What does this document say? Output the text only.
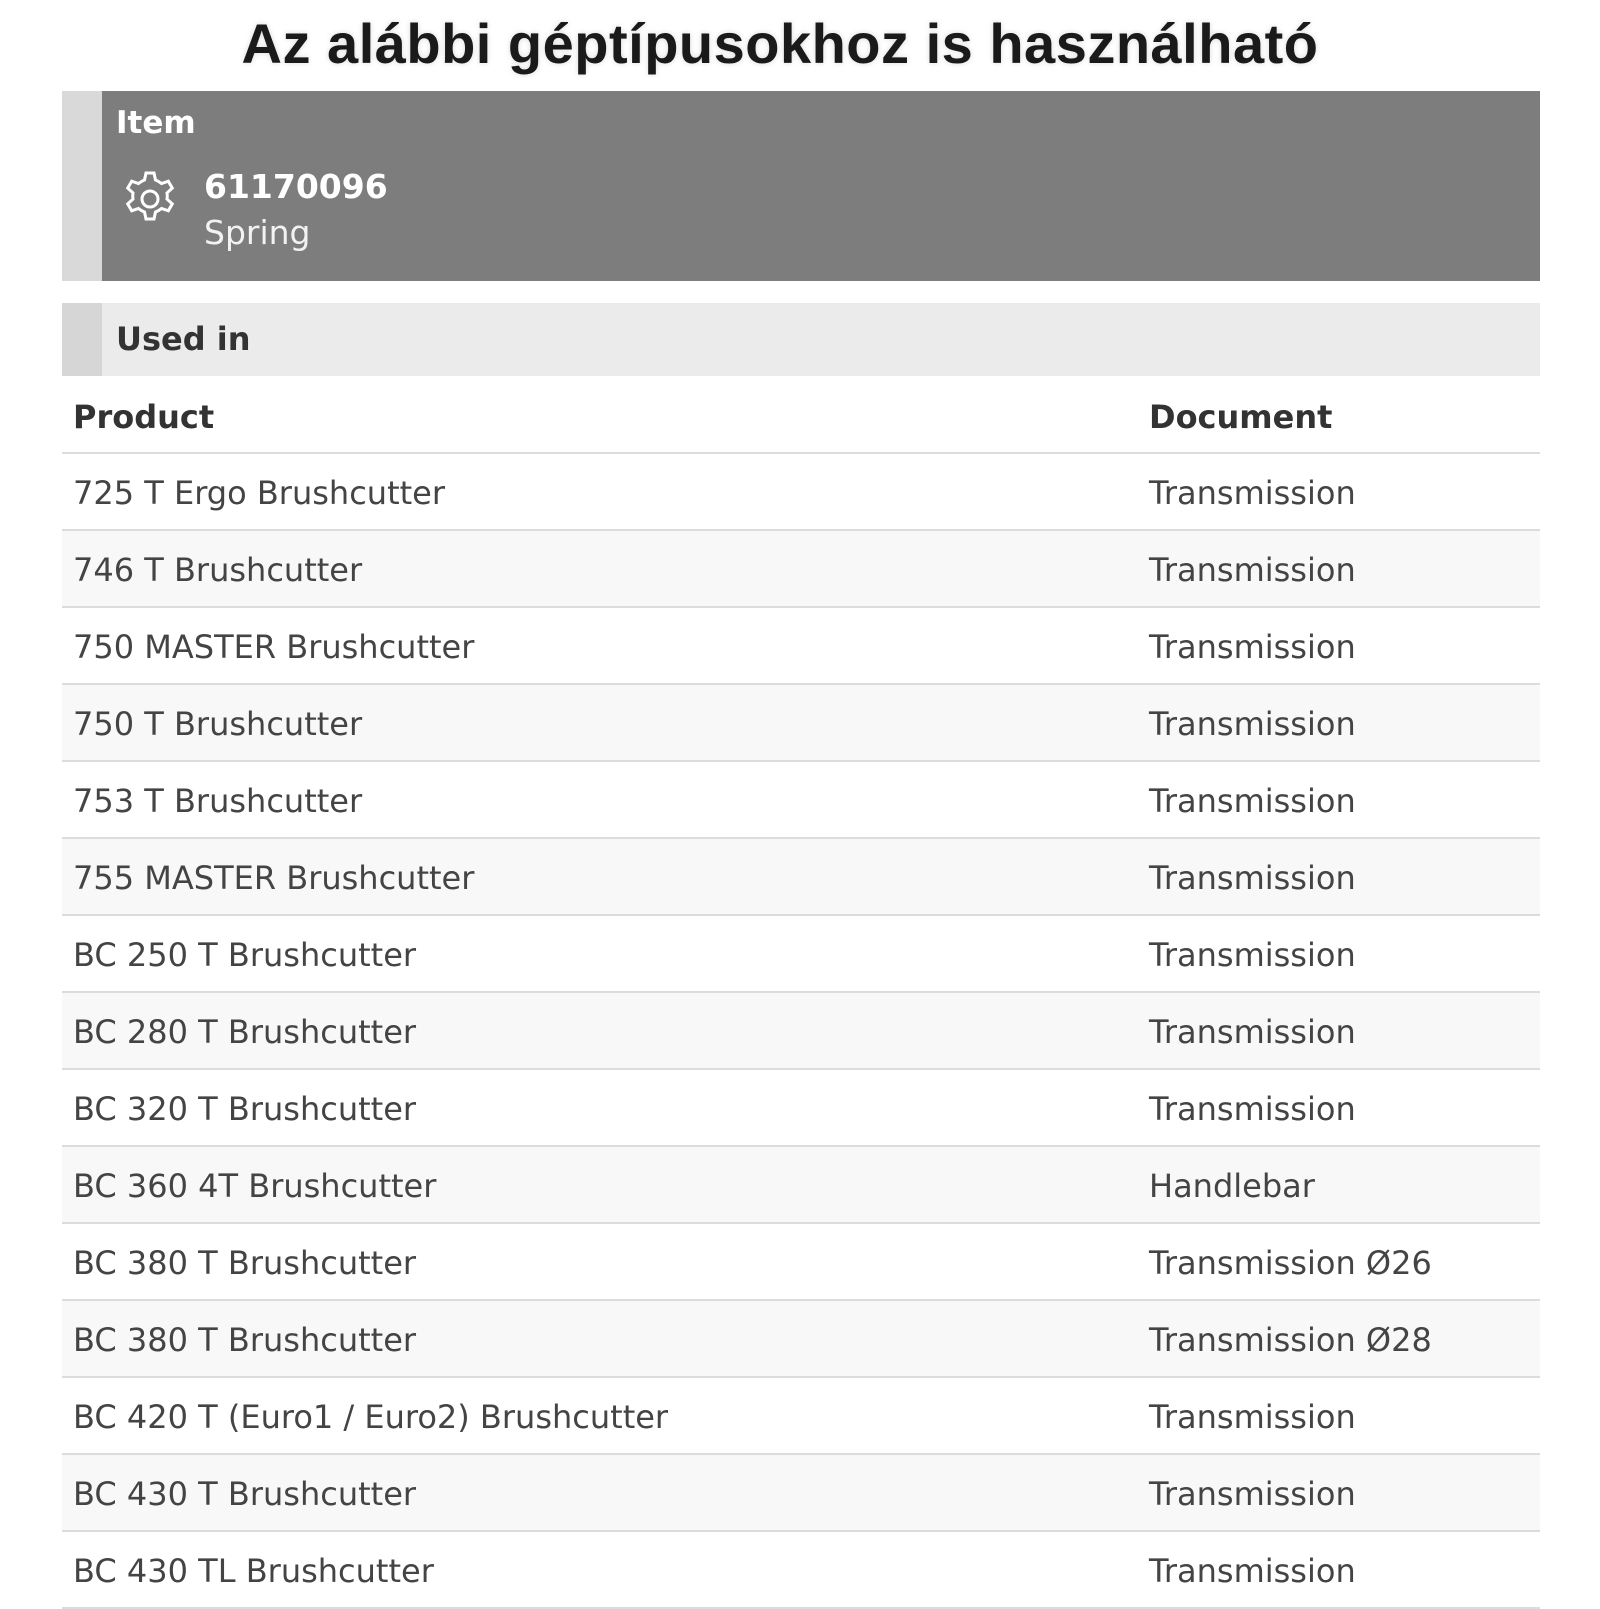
Az alábbi géptípusokhoz is használható
Item
61170096
Spring
Used in
Product	Document
725 T Ergo Brushcutter	Transmission
746 T Brushcutter	Transmission
750 MASTER Brushcutter	Transmission
750 T Brushcutter	Transmission
753 T Brushcutter	Transmission
755 MASTER Brushcutter	Transmission
BC 250 T Brushcutter	Transmission
BC 280 T Brushcutter	Transmission
BC 320 T Brushcutter	Transmission
BC 360 4T Brushcutter	Handlebar
BC 380 T Brushcutter	Transmission Ø26
BC 380 T Brushcutter	Transmission Ø28
BC 420 T (Euro1 / Euro2) Brushcutter	Transmission
BC 430 T Brushcutter	Transmission
BC 430 TL Brushcutter	Transmission
